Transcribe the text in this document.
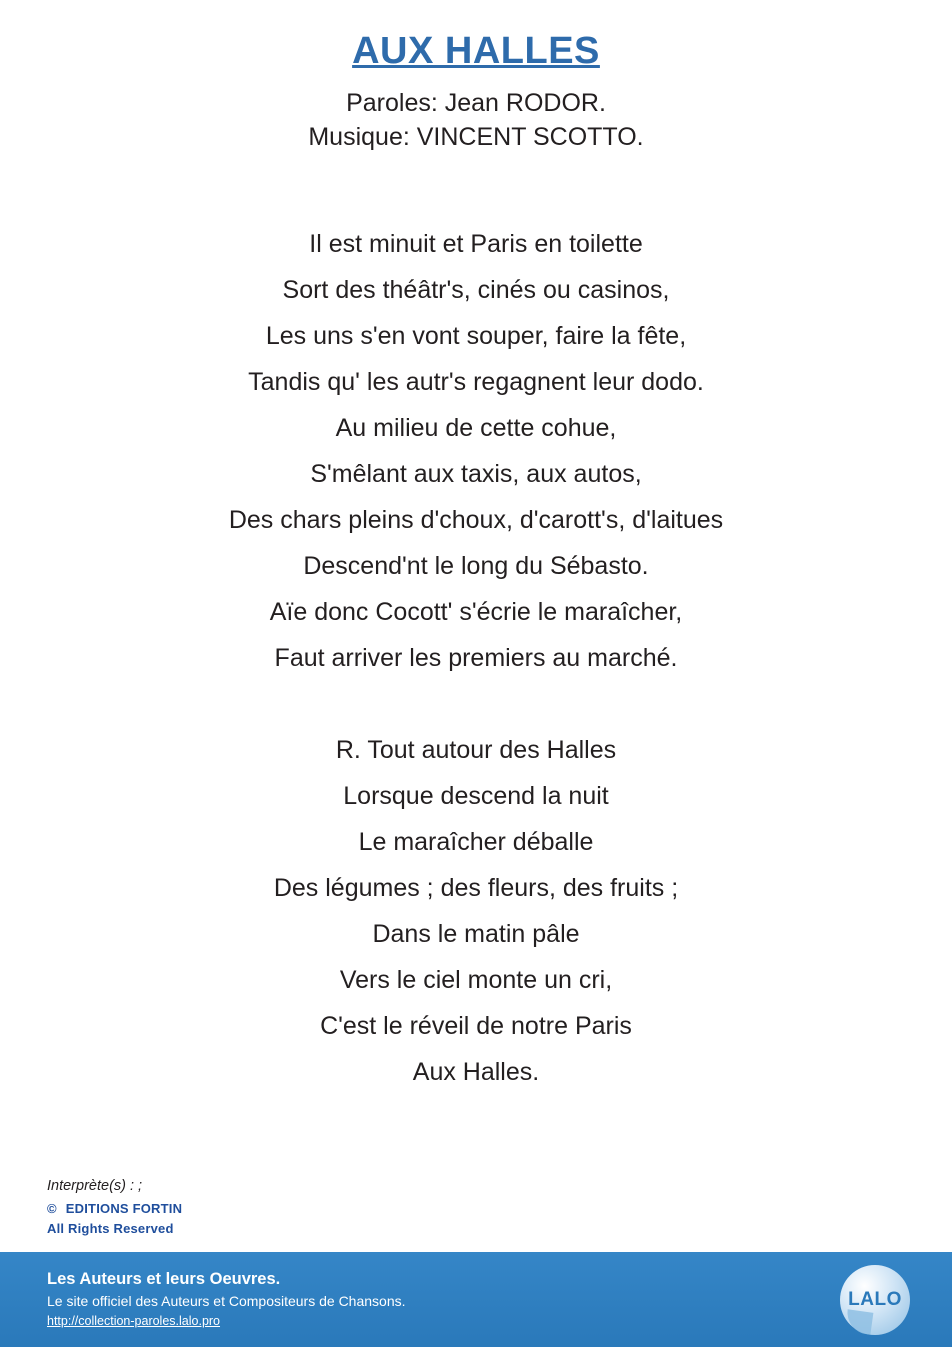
AUX HALLES
Paroles: Jean RODOR.
Musique: VINCENT SCOTTO.
Il est minuit et Paris en toilette
Sort des théâtr's, cinés ou casinos,
Les uns s'en vont souper, faire la fête,
Tandis qu' les autr's regagnent leur dodo.
Au milieu de cette cohue,
S'mêlant aux taxis, aux autos,
Des chars pleins d'choux, d'carott's, d'laitues
Descend'nt le long du Sébasto.
Aïe donc Cocott' s'écrie le maraîcher,
Faut arriver les premiers au marché.
R. Tout autour des Halles
Lorsque descend la nuit
Le maraîcher déballe
Des légumes ; des fleurs, des fruits ;
Dans le matin pâle
Vers le ciel monte un cri,
C'est le réveil de notre Paris
Aux Halles.
Interprète(s) : ;
© EDITIONS FORTIN
All Rights Reserved
Les Auteurs et leurs Oeuvres.
Le site officiel des Auteurs et Compositeurs de Chansons.
http://collection-paroles.lalo.pro
LALO
